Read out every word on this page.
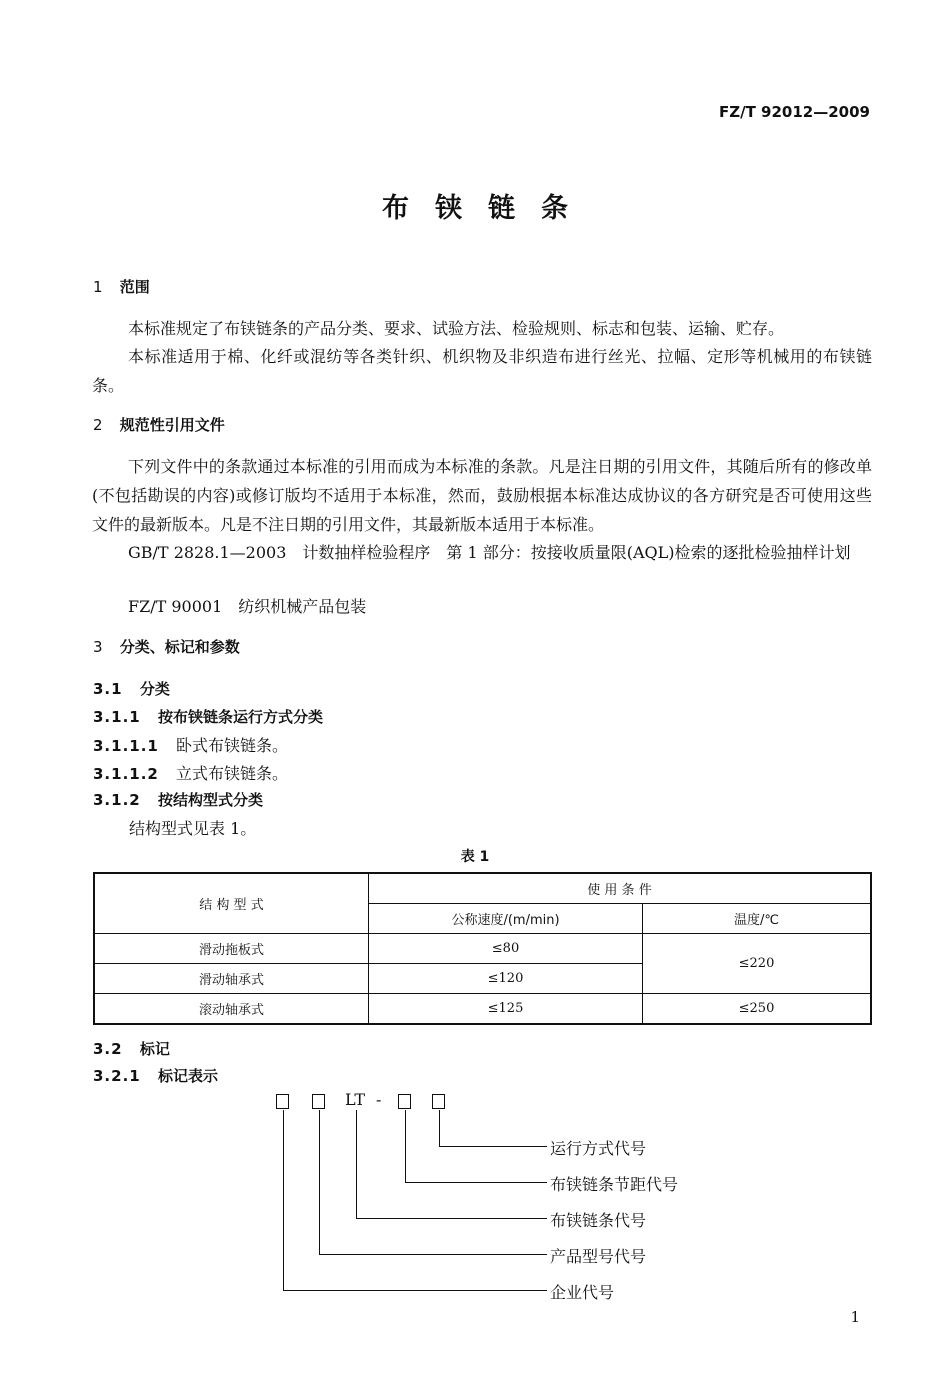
FZ/T 92012—2009
布铗链条
1 范围
本标准规定了布铗链条的产品分类、要求、试验方法、检验规则、标志和包装、运输、贮存。
本标准适用于棉、化纤或混纺等各类针织、机织物及非织造布进行丝光、拉幅、定形等机械用的布铗链条。
2 规范性引用文件
下列文件中的条款通过本标准的引用而成为本标准的条款。凡是注日期的引用文件，其随后所有的修改单(不包括勘误的内容)或修订版均不适用于本标准，然而，鼓励根据本标准达成协议的各方研究是否可使用这些文件的最新版本。凡是不注日期的引用文件，其最新版本适用于本标准。
GB/T 2828.1—2003　计数抽样检验程序　第 1 部分：按接收质量限(AQL)检索的逐批检验抽样计划
FZ/T 90001　纺织机械产品包装
3 分类、标记和参数
3.1 分类
3.1.1 按布铗链条运行方式分类
3.1.1.1 卧式布铗链条。
3.1.1.2 立式布铗链条。
3.1.2 按结构型式分类
结构型式见表 1。
表 1
结 构 型 式	使 用 条 件	
	公称速度/(m/min)	温度/℃
滑动拖板式	≤80	≤220
滑动轴承式	≤120	
滚动轴承式	≤125	≤250
3.2 标记
3.2.1 标记表示
LT -
运行方式代号
布铗链条节距代号
布铗链条代号
产品型号代号
企业代号
1
